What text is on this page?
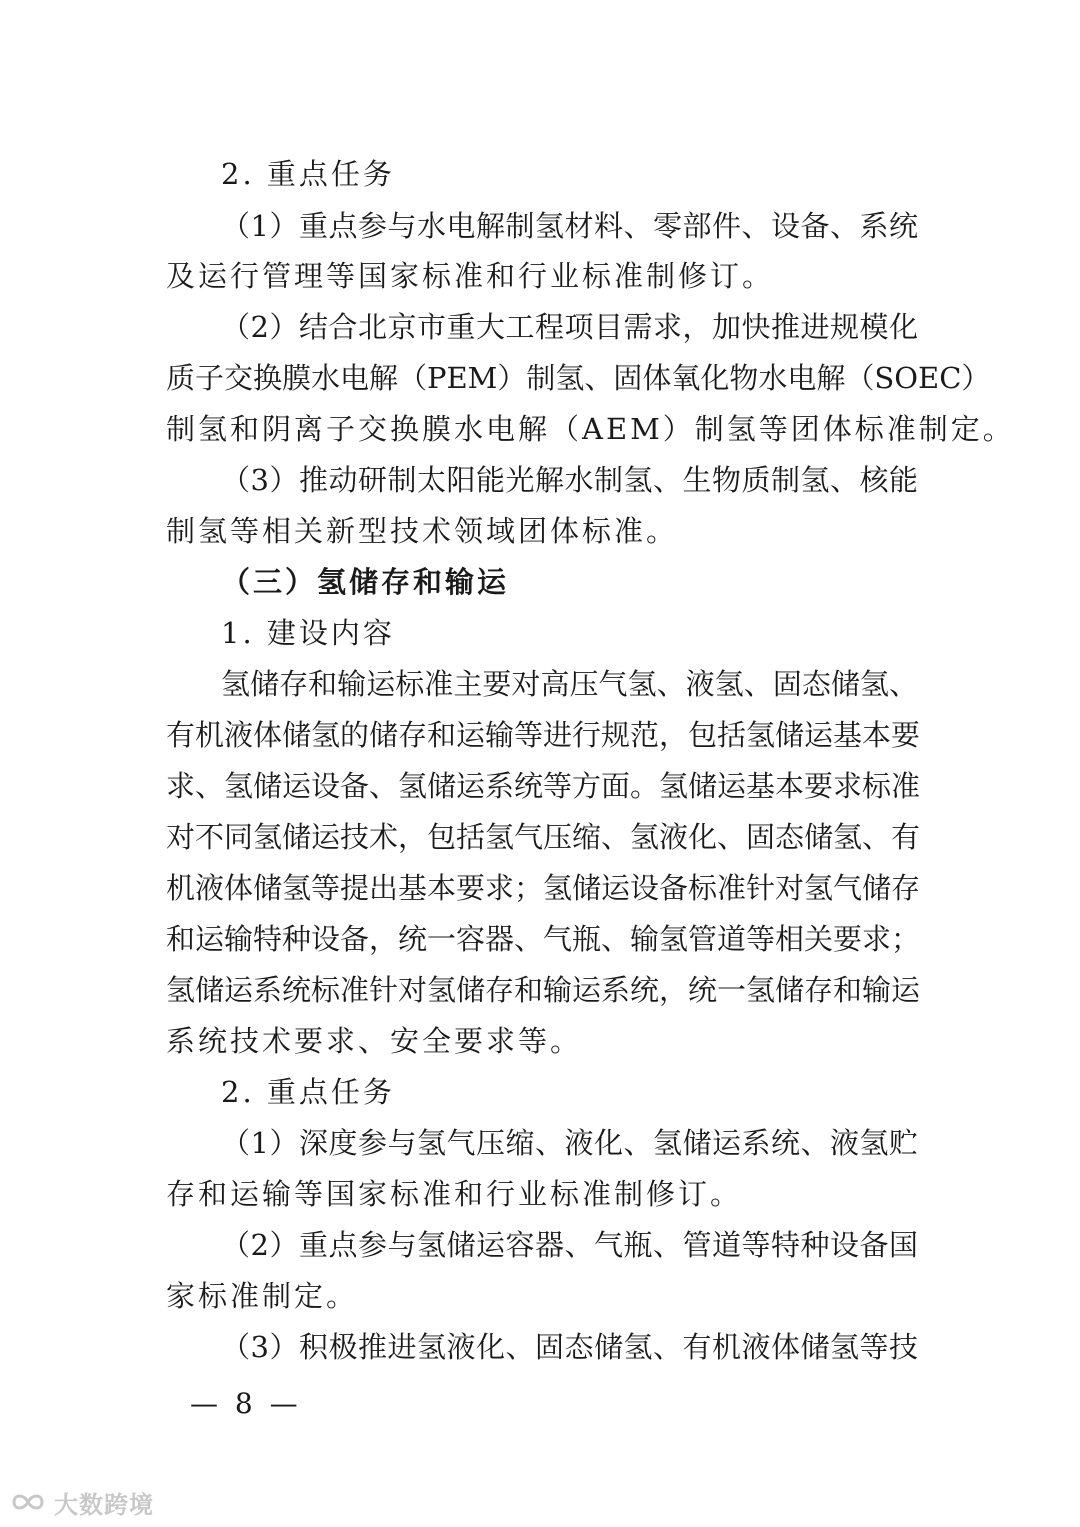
2. 重点任务
（1）重点参与水电解制氢材料、零部件、设备、系统
及运行管理等国家标准和行业标准制修订。
（2）结合北京市重大工程项目需求，加快推进规模化
质子交换膜水电解（PEM）制氢、固体氧化物水电解（SOEC）
制氢和阴离子交换膜水电解（AEM）制氢等团体标准制定。
（3）推动研制太阳能光解水制氢、生物质制氢、核能
制氢等相关新型技术领域团体标准。
（三）氢储存和输运
1. 建设内容
氢储存和输运标准主要对高压气氢、液氢、固态储氢、
有机液体储氢的储存和运输等进行规范，包括氢储运基本要
求、氢储运设备、氢储运系统等方面。氢储运基本要求标准
对不同氢储运技术，包括氢气压缩、氢液化、固态储氢、有
机液体储氢等提出基本要求；氢储运设备标准针对氢气储存
和运输特种设备，统一容器、气瓶、输氢管道等相关要求；
氢储运系统标准针对氢储存和输运系统，统一氢储存和输运
系统技术要求、安全要求等。
2. 重点任务
（1）深度参与氢气压缩、液化、氢储运系统、液氢贮
存和运输等国家标准和行业标准制修订。
（2）重点参与氢储运容器、气瓶、管道等特种设备国
家标准制定。
（3）积极推进氢液化、固态储氢、有机液体储氢等技
— 8 —
大数跨境
